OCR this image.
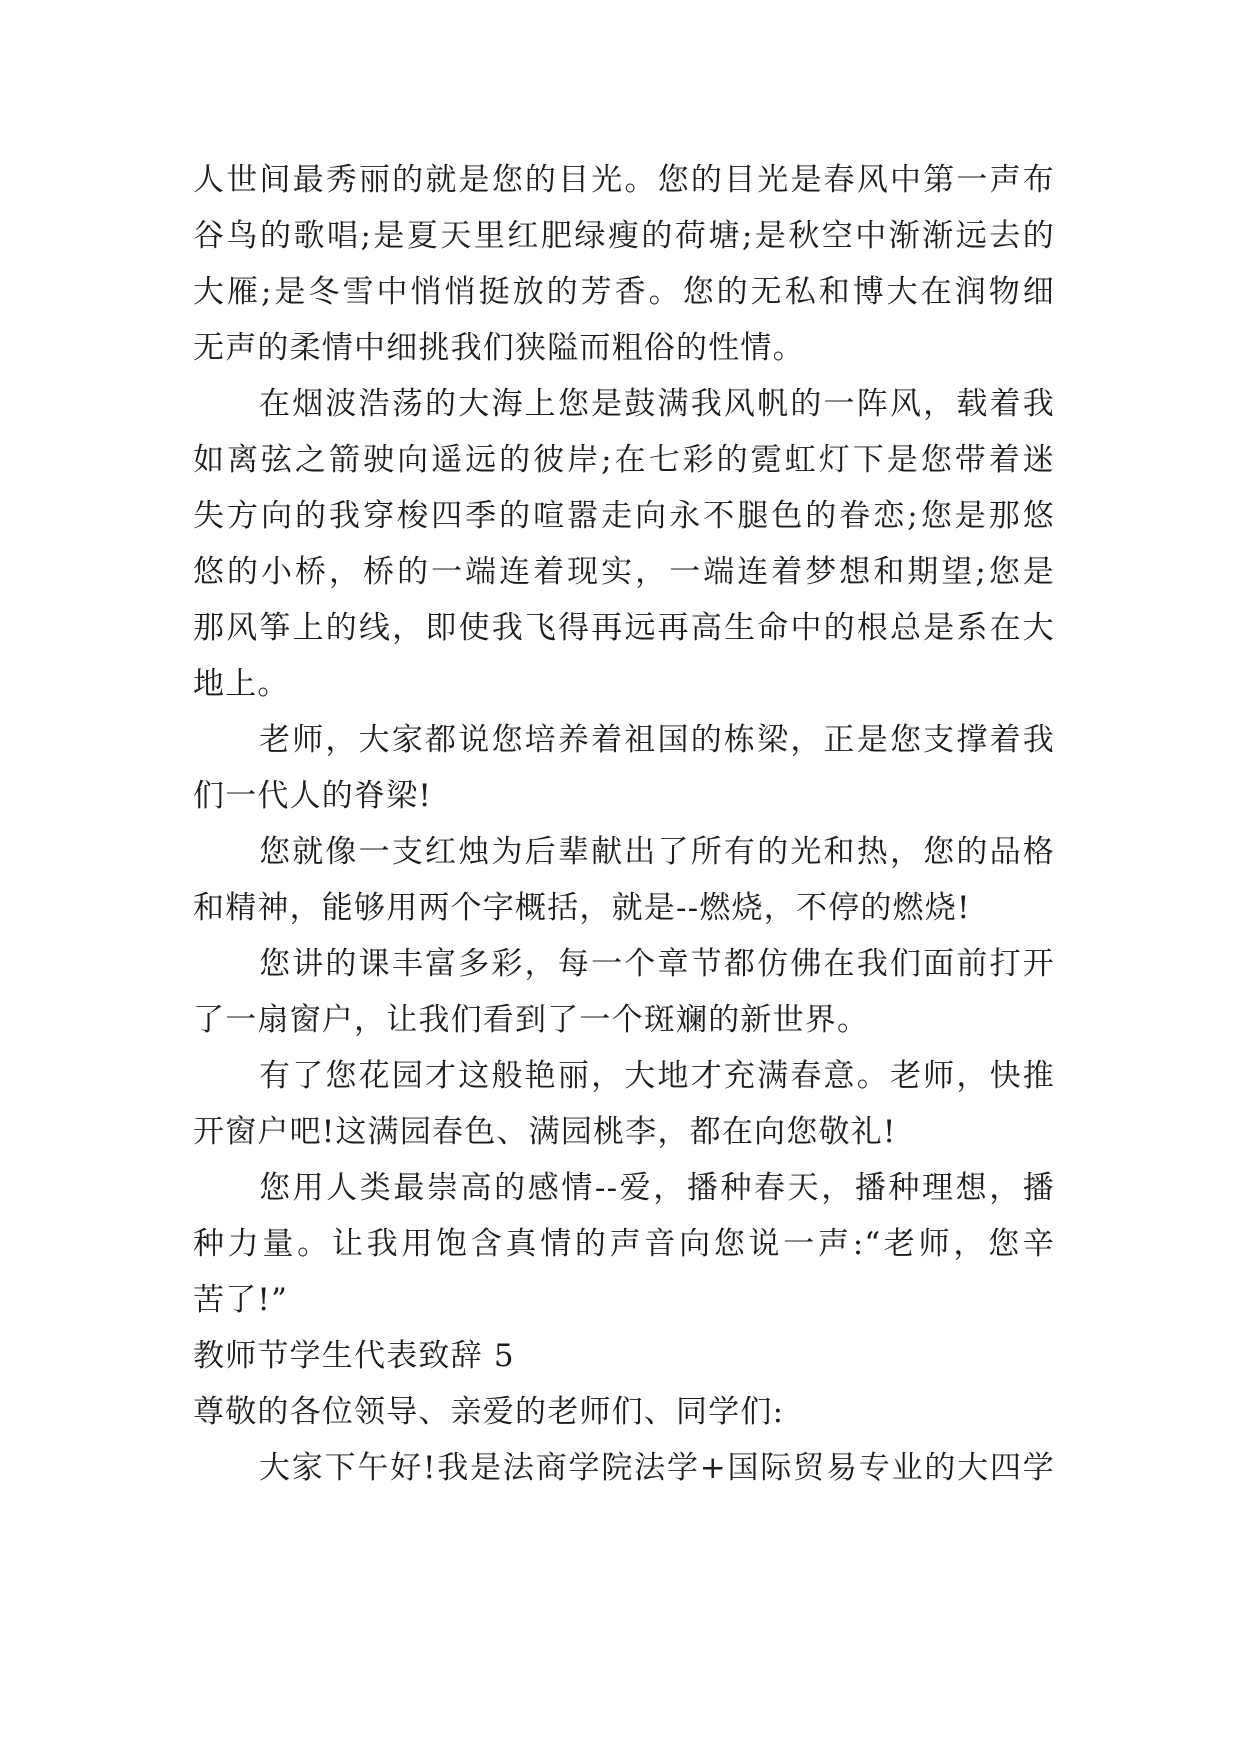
人世间最秀丽的就是您的目光。您的目光是春风中第一声布
谷鸟的歌唱;是夏天里红肥绿瘦的荷塘;是秋空中渐渐远去的
大雁;是冬雪中悄悄挺放的芳香。您的无私和博大在润物细
无声的柔情中细挑我们狭隘而粗俗的性情。
在烟波浩荡的大海上您是鼓满我风帆的一阵风，载着我
如离弦之箭驶向遥远的彼岸;在七彩的霓虹灯下是您带着迷
失方向的我穿梭四季的喧嚣走向永不腿色的眷恋;您是那悠
悠的小桥，桥的一端连着现实，一端连着梦想和期望;您是
那风筝上的线，即使我飞得再远再高生命中的根总是系在大
地上。
老师，大家都说您培养着祖国的栋梁，正是您支撑着我
们一代人的脊梁!
您就像一支红烛为后辈献出了所有的光和热，您的品格
和精神，能够用两个字概括，就是--燃烧，不停的燃烧!
您讲的课丰富多彩，每一个章节都仿佛在我们面前打开
了一扇窗户，让我们看到了一个斑斓的新世界。
有了您花园才这般艳丽，大地才充满春意。老师，快推
开窗户吧!这满园春色、满园桃李，都在向您敬礼!
您用人类最崇高的感情--爱，播种春天，播种理想，播
种力量。让我用饱含真情的声音向您说一声:“老师，您辛
苦了!”
教师节学生代表致辞 5
尊敬的各位领导、亲爱的老师们、同学们:
大家下午好!我是法商学院法学+国际贸易专业的大四学
